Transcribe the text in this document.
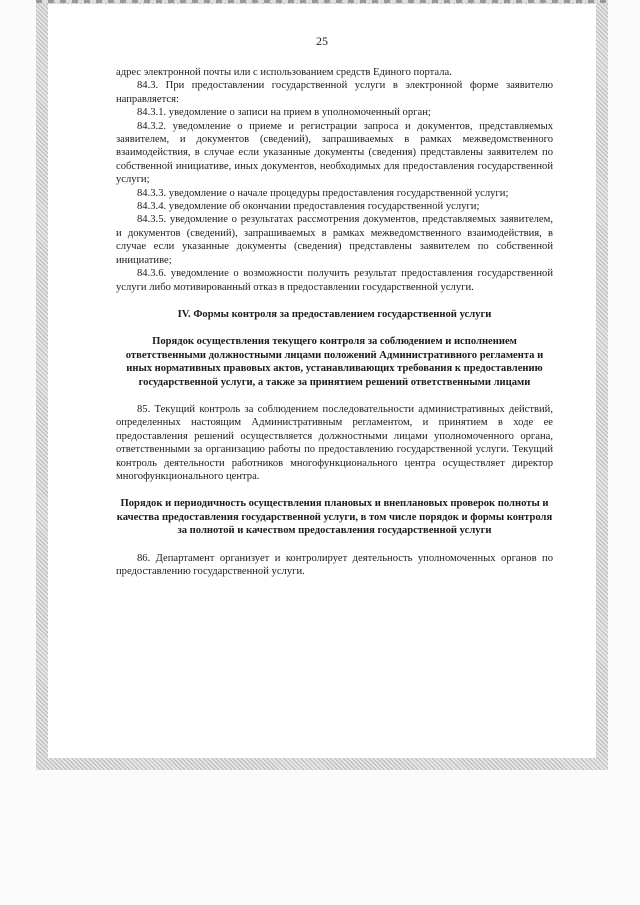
25

адрес электронной почты или с использованием средств Единого портала.

84.3. При предоставлении государственной услуги в электронной форме заявителю направляется:

84.3.1. уведомление о записи на прием в уполномоченный орган;

84.3.2. уведомление о приеме и регистрации запроса и документов, представляемых заявителем, и документов (сведений), запрашиваемых в рамках межведомственного взаимодействия, в случае если указанные документы (сведения) представлены заявителем по собственной инициативе, иных документов, необходимых для предоставления государственной услуги;

84.3.3. уведомление о начале процедуры предоставления государственной услуги;

84.3.4. уведомление об окончании предоставления государственной услуги;

84.3.5. уведомление о результатах рассмотрения документов, представляемых заявителем, и документов (сведений), запрашиваемых в рамках межведомственного взаимодействия, в случае если указанные документы (сведения) представлены заявителем по собственной инициативе;

84.3.6. уведомление о возможности получить результат предоставления государственной услуги либо мотивированный отказ в предоставлении государственной услуги.

IV. Формы контроля за предоставлением государственной услуги

Порядок осуществления текущего контроля за соблюдением и исполнением ответственными должностными лицами положений Административного регламента и иных нормативных правовых актов, устанавливающих требования к предоставлению государственной услуги, а также за принятием решений ответственными лицами

85. Текущий контроль за соблюдением последовательности административных действий, определенных настоящим Административным регламентом, и принятием в ходе ее предоставления решений осуществляется должностными лицами уполномоченного органа, ответственными за организацию работы по предоставлению государственной услуги. Текущий контроль деятельности работников многофункционального центра осуществляет директор многофункционального центра.

Порядок и периодичность осуществления плановых и внеплановых проверок полноты и качества предоставления государственной услуги, в том числе порядок и формы контроля за полнотой и качеством предоставления государственной услуги

86. Департамент организует и контролирует деятельность уполномоченных органов по предоставлению государственной услуги.
